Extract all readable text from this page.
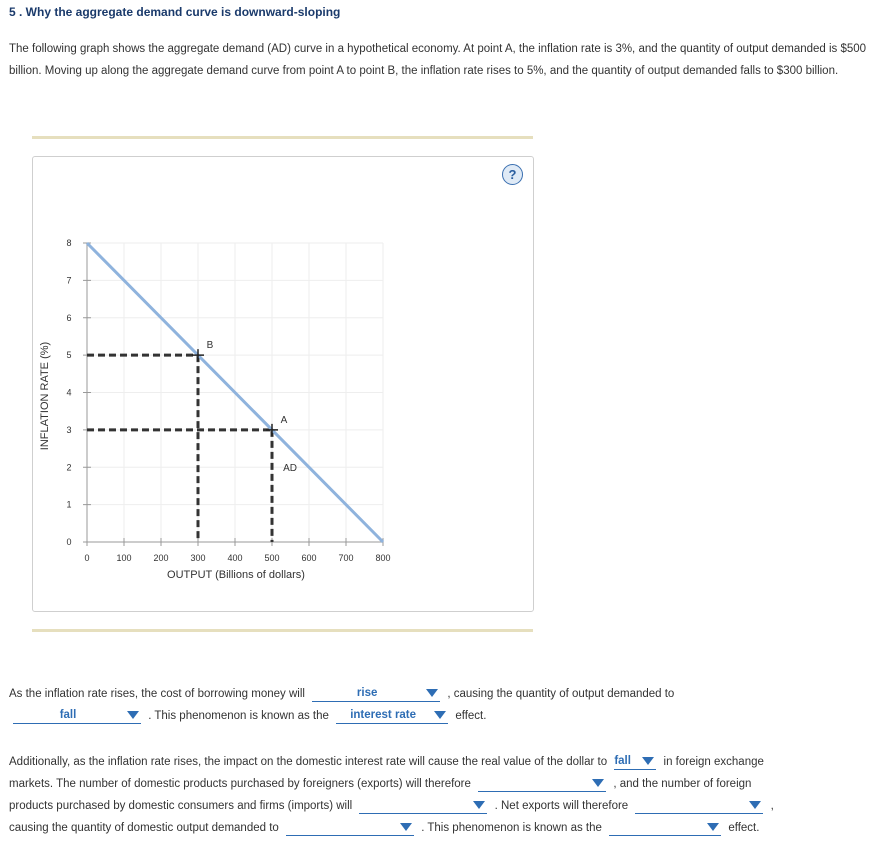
5 . Why the aggregate demand curve is downward-sloping
The following graph shows the aggregate demand (AD) curve in a hypothetical economy. At point A, the inflation rate is 3%, and the quantity of output demanded is $500 billion. Moving up along the aggregate demand curve from point A to point B, the inflation rate rises to 5%, and the quantity of output demanded falls to $300 billion.
?
0	100 200 300 400 500 600 700 800
0
1
2
3
4
5
6
7
8
AD
A
B
OUTPUT (Billions of dollars)
INFLATION RATE (%)
As the inflation rate rises, the cost of borrowing money will	rise	, causing the quantity of output demanded to
fall	. This phenomenon is known as the	interest rate	effect.
Additionally, as the inflation rate rises, the impact on the domestic interest rate will cause the real value of the dollar to fall	in foreign exchange
markets. The number of domestic products purchased by foreigners (exports) will therefore	, and the number of foreign
products purchased by domestic consumers and firms (imports) will	. Net exports will therefore	,
causing the quantity of domestic output demanded to	. This phenomenon is known as the	effect.
